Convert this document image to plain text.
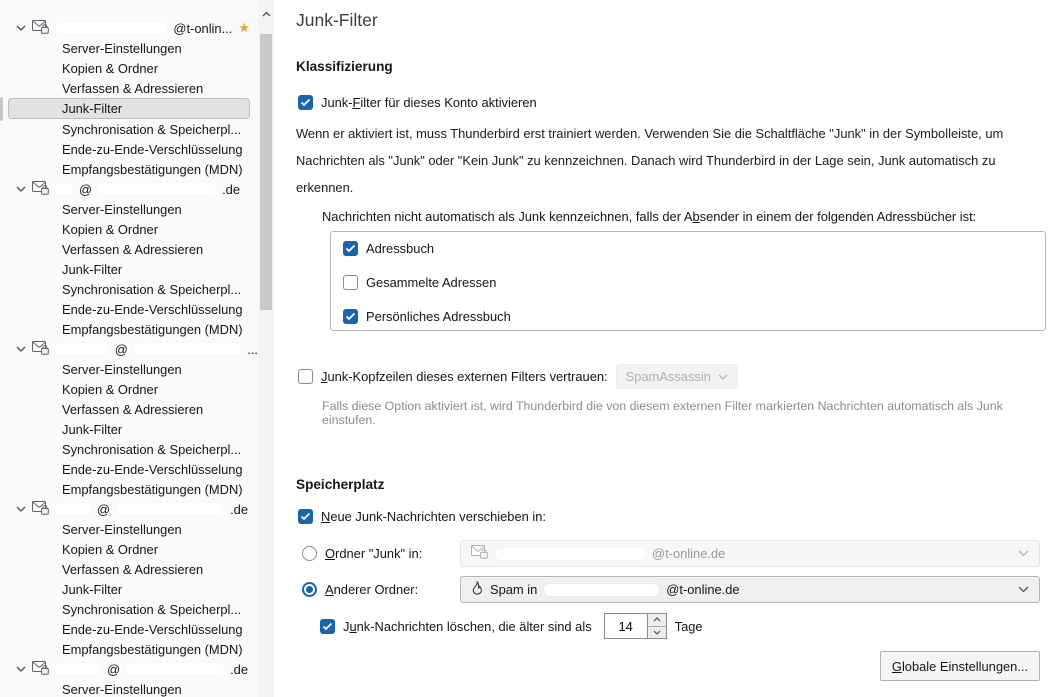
@t-onlin... ★
Server-Einstellungen
Kopien & Ordner
Verfassen & Adressieren
Junk-Filter
Synchronisation & Speicherpl...
Ende-zu-Ende-Verschlüsselung
Empfangsbestätigungen (MDN)
@	.de
Server-Einstellungen
Kopien & Ordner
Verfassen & Adressieren
Junk-Filter
Synchronisation & Speicherpl...
Ende-zu-Ende-Verschlüsselung
Empfangsbestätigungen (MDN)
@	...
Server-Einstellungen
Kopien & Ordner
Verfassen & Adressieren
Junk-Filter
Synchronisation & Speicherpl...
Ende-zu-Ende-Verschlüsselung
Empfangsbestätigungen (MDN)
@	.de
Server-Einstellungen
Kopien & Ordner
Verfassen & Adressieren
Junk-Filter
Synchronisation & Speicherpl...
Ende-zu-Ende-Verschlüsselung
Empfangsbestätigungen (MDN)
@	.de
Server-Einstellungen
Junk-Filter
Klassifizierung
Junk-Filter für dieses Konto aktivieren
Wenn er aktiviert ist, muss Thunderbird erst trainiert werden. Verwenden Sie die Schaltfläche "Junk" in der Symbolleiste, um Nachrichten als "Junk" oder "Kein Junk" zu kennzeichnen. Danach wird Thunderbird in der Lage sein, Junk automatisch zu erkennen.
Nachrichten nicht automatisch als Junk kennzeichnen, falls der Absender in einem der folgenden Adressbücher ist:
Adressbuch
Gesammelte Adressen
Persönliches Adressbuch
Junk-Kopfzeilen dieses externen Filters vertrauen: SpamAssassin
Falls diese Option aktiviert ist, wird Thunderbird die von diesem externen Filter markierten Nachrichten automatisch als Junk einstufen.
Speicherplatz
Neue Junk-Nachrichten verschieben in:
Ordner "Junk" in:	@t-online.de
Anderer Ordner:	Spam in	@t-online.de
Junk-Nachrichten löschen, die älter sind als
14	Tage
Globale Einstellungen...
